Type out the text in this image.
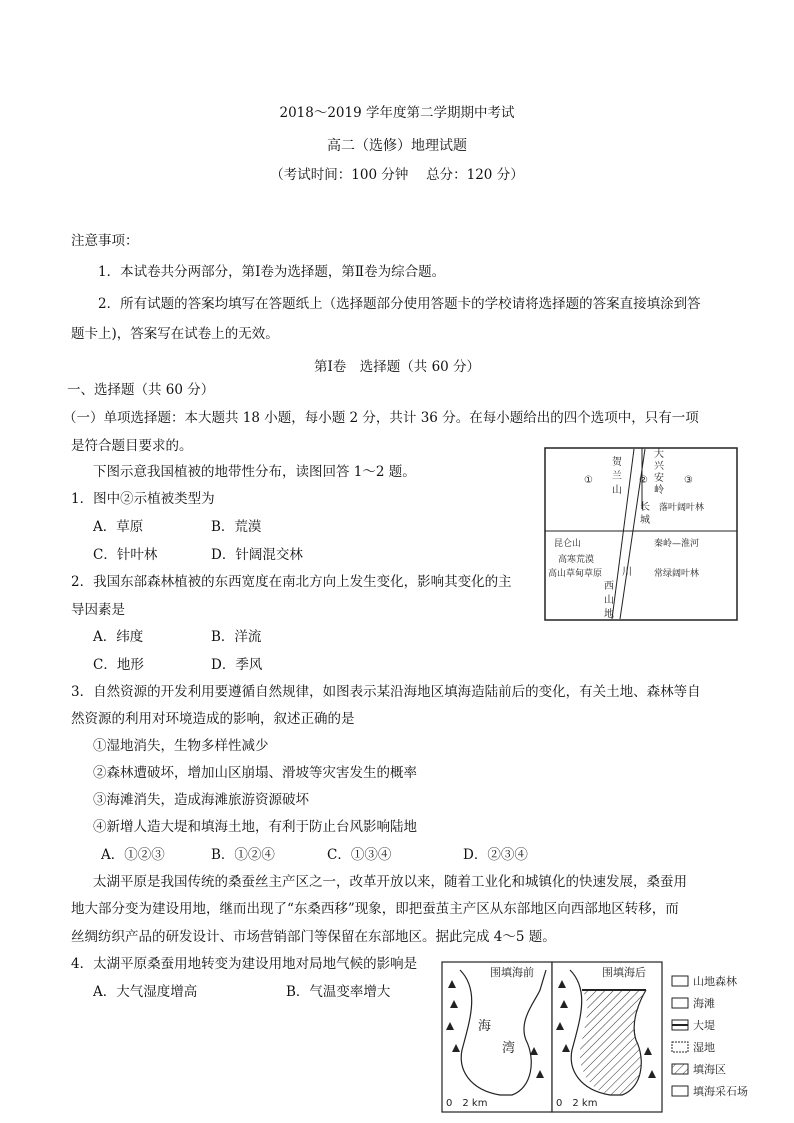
2018～2019 学年度第二学期期中考试
高二（选修）地理试题
（考试时间：100 分钟　 总分：120 分）
注意事项：
1．本试卷共分两部分，第Ⅰ卷为选择题，第Ⅱ卷为综合题。
2．所有试题的答案均填写在答题纸上（选择题部分使用答题卡的学校请将选择题的答案直接填涂到答
题卡上)，答案写在试卷上的无效。
第Ⅰ卷　选择题（共 60 分）
一、选择题（共 60 分）
（一）单项选择题：本大题共 18 小题，每小题 2 分，共计 36 分。在每小题给出的四个选项中，只有一项
是符合题目要求的。
下图示意我国植被的地带性分布，读图回答 1～2 题。
1．图中②示植被类型为
A．草原	B．荒漠
C．针叶林	D．针阔混交林
2．我国东部森林植被的东西宽度在南北方向上发生变化，影响其变化的主
导因素是
A．纬度	B．洋流
C．地形	D．季风
3．自然资源的开发利用要遵循自然规律，如图表示某沿海地区填海造陆前后的变化，有关土地、森林等自
然资源的利用对环境造成的影响，叙述正确的是
①湿地消失，生物多样性减少
②森林遭破坏，增加山区崩塌、滑坡等灾害发生的概率
③海滩消失，造成海滩旅游资源破坏
④新增人造大堤和填海土地，有利于防止台风影响陆地
A．①②③	B．①②④	C．①③④	D．②③④
太湖平原是我国传统的桑蚕丝主产区之一，改革开放以来，随着工业化和城镇化的快速发展，桑蚕用
地大部分变为建设用地，继而出现了“东桑西移”现象，即把蚕茧主产区从东部地区向西部地区转移，而
丝绸纺织产品的研发设计、市场营销部门等保留在东部地区。据此完成 4～5 题。
4．太湖平原桑蚕用地转变为建设用地对局地气候的影响是
A．大气湿度增高	B．气温变率增大
①
贺
兰
山
②
大
兴
安
岭
③
长
城
落叶阔叶林
昆仑山
高寒荒漠
高山草甸草原
秦岭—淮河
常绿阔叶林
川
西
山
地
围填海前	围填海后
海
湾
0　2 km	0　2 km
山地森林
海滩
大堤
湿地
填海区
填海采石场
